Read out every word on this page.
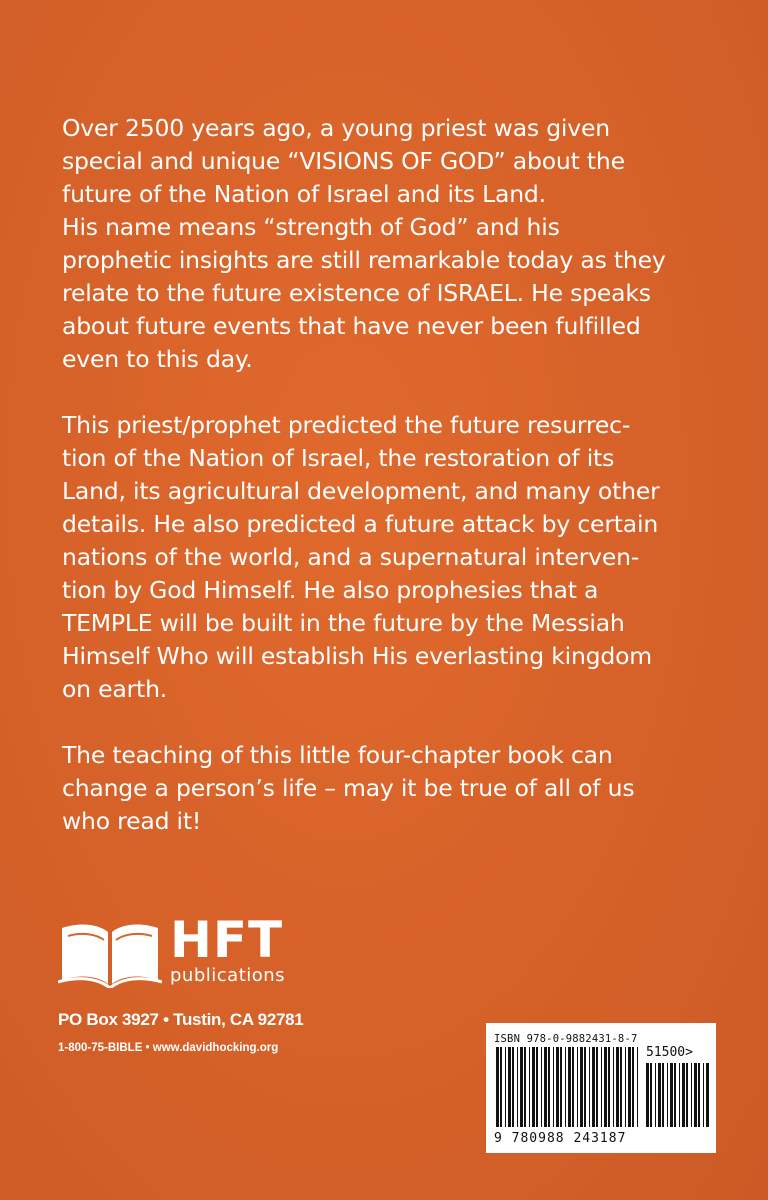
Over 2500 years ago, a young priest was given
special and unique “VISIONS OF GOD” about the
future of the Nation of Israel and its Land.
His name means “strength of God” and his
prophetic insights are still remarkable today as they
relate to the future existence of ISRAEL. He speaks
about future events that have never been fulfilled
even to this day.

This priest/prophet predicted the future resurrec-
tion of the Nation of Israel, the restoration of its
Land, its agricultural development, and many other
details. He also predicted a future attack by certain
nations of the world, and a supernatural interven-
tion by God Himself. He also prophesies that a
TEMPLE will be built in the future by the Messiah
Himself Who will establish His everlasting kingdom
on earth.

The teaching of this little four-chapter book can
change a person’s life – may it be true of all of us
who read it!

HFT
publications
PO Box 3927 • Tustin, CA 92781
1-800-75-BIBLE • www.davidhocking.org
ISBN 978-0-9882431-8-7
51500>
9 780988 243187
